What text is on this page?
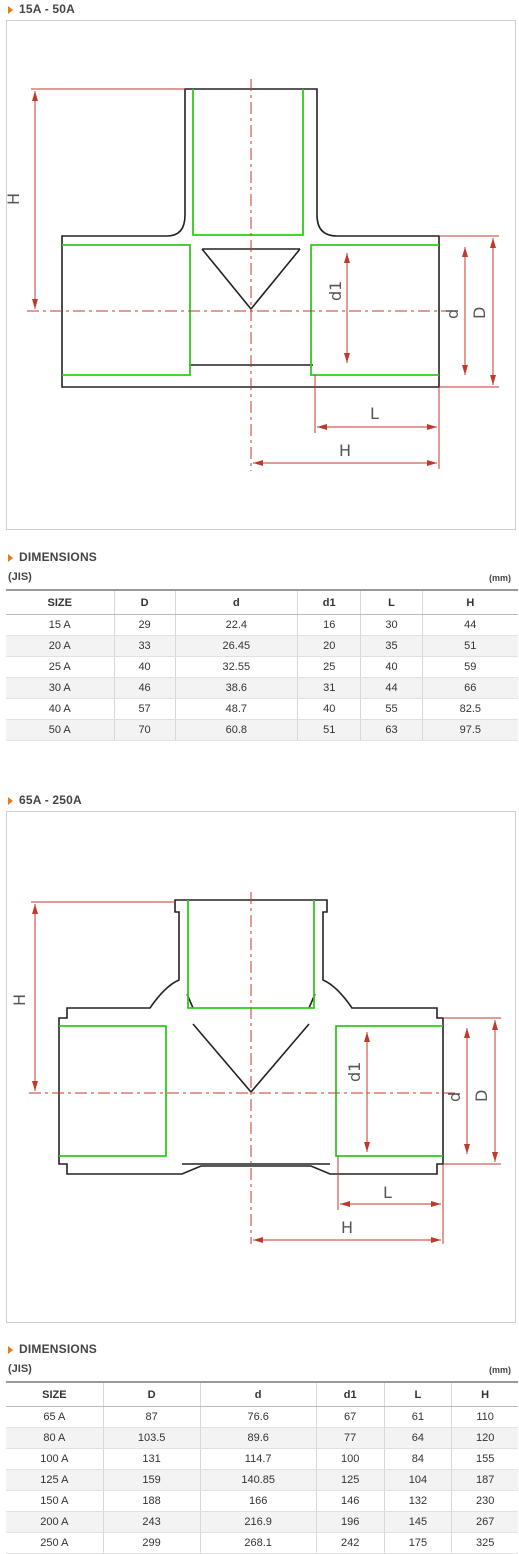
15A - 50A
H
D
d
d1
L
H
DIMENSIONS
(JIS)	(mm)
SIZE	D	d	d1	L	H
15 A	29	22.4	16	30	44
20 A	33	26.45	20	35	51
25 A	40	32.55	25	40	59
30 A	46	38.6	31	44	66
40 A	57	48.7	40	55	82.5
50 A	70	60.8	51	63	97.5
65A - 250A
H
D
d
d1
L
H
DIMENSIONS
(JIS)	(mm)
SIZE	D	d	d1	L	H
65 A	87	76.6	67	61	110
80 A	103.5	89.6	77	64	120
100 A	131	114.7	100	84	155
125 A	159	140.85	125	104	187
150 A	188	166	146	132	230
200 A	243	216.9	196	145	267
250 A	299	268.1	242	175	325
